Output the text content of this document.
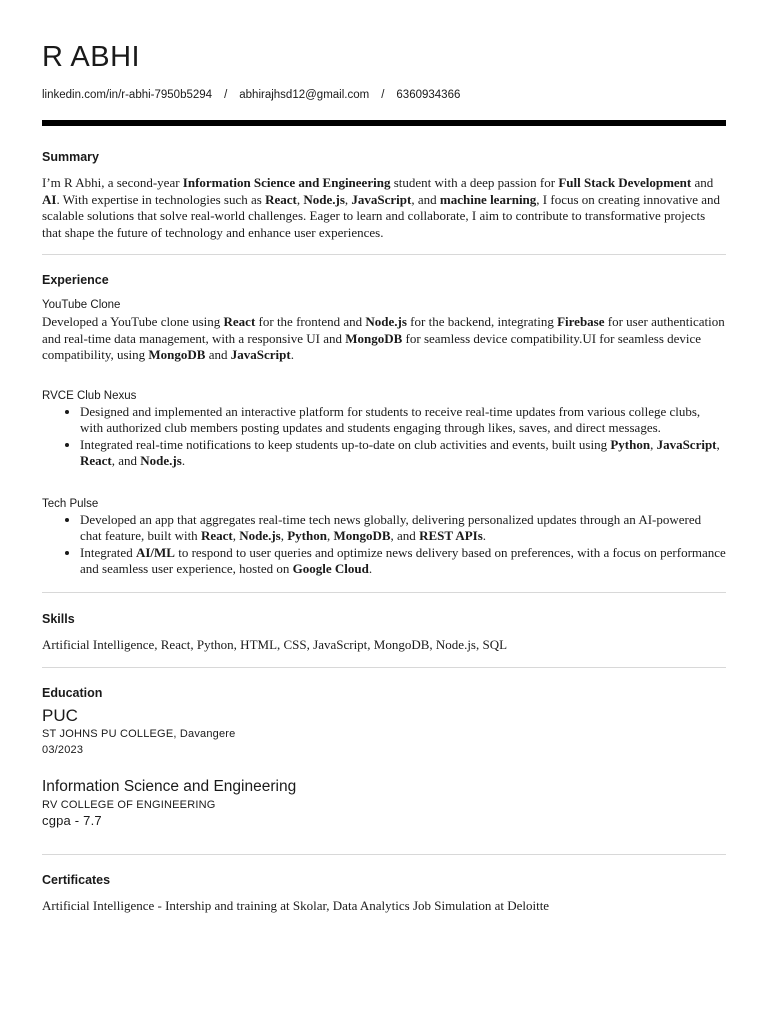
R ABHI
linkedin.com/in/r-abhi-7950b5294	/	abhirajhsd12@gmail.com	/	6360934366
Summary

I’m R Abhi, a second-year Information Science and Engineering student with a deep passion for Full Stack Development and AI. With expertise in technologies such as React, Node.js, JavaScript, and machine learning, I focus on creating innovative and scalable solutions that solve real-world challenges. Eager to learn and collaborate, I aim to contribute to transformative projects that shape the future of technology and enhance user experiences.

Experience
YouTube Clone

Developed a YouTube clone using React for the frontend and Node.js for the backend, integrating Firebase for user authentication and real-time data management, with a responsive UI and MongoDB for seamless device compatibility.UI for seamless device compatibility, using MongoDB and JavaScript.

RVCE Club Nexus
• Designed and implemented an interactive platform for students to receive real-time updates from various college clubs, with authorized club members posting updates and students engaging through likes, saves, and direct messages.
• Integrated real-time notifications to keep students up-to-date on club activities and events, built using Python, JavaScript, React, and Node.js.
Tech Pulse
• Developed an app that aggregates real-time tech news globally, delivering personalized updates through an AI-powered chat feature, built with React, Node.js, Python, MongoDB, and REST APIs.
• Integrated AI/ML to respond to user queries and optimize news delivery based on preferences, with a focus on performance and seamless user experience, hosted on Google Cloud.
Skills

Artificial Intelligence, React, Python, HTML, CSS, JavaScript, MongoDB, Node.js, SQL

Education
PUC
ST JOHNS PU COLLEGE, Davangere
03/2023
Information Science and Engineering
RV COLLEGE OF ENGINEERING
cgpa - 7.7
Certificates

Artificial Intelligence - Intership and training at Skolar, Data Analytics Job Simulation at Deloitte
